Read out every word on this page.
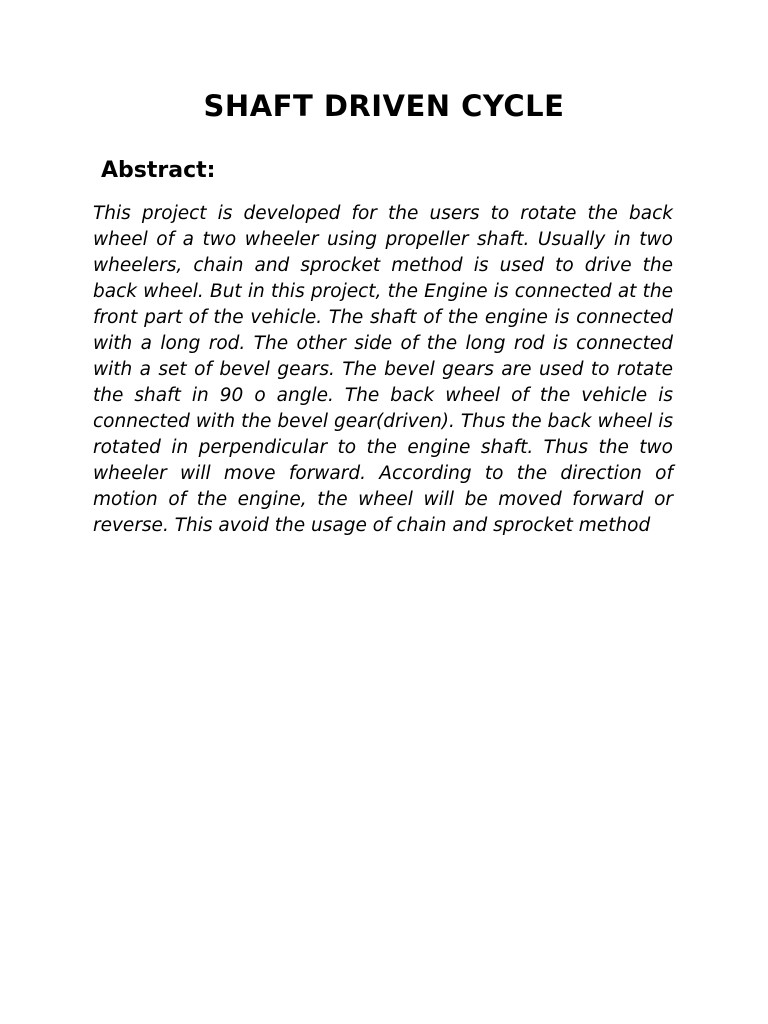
SHAFT DRIVEN CYCLE
Abstract:

This project is developed for the users to rotate the back wheel of a two wheeler using propeller shaft. Usually in two wheelers, chain and sprocket method is used to drive the back wheel. But in this project, the Engine is connected at the front part of the vehicle. The shaft of the engine is connected with a long rod. The other side of the long rod is connected with a set of bevel gears. The bevel gears are used to rotate the shaft in 90 o angle. The back wheel of the vehicle is connected with the bevel gear(driven). Thus the back wheel is rotated in perpendicular to the engine shaft. Thus the two wheeler will move forward. According to the direction of motion of the engine, the wheel will be moved forward or reverse. This avoid the usage of chain and sprocket method
